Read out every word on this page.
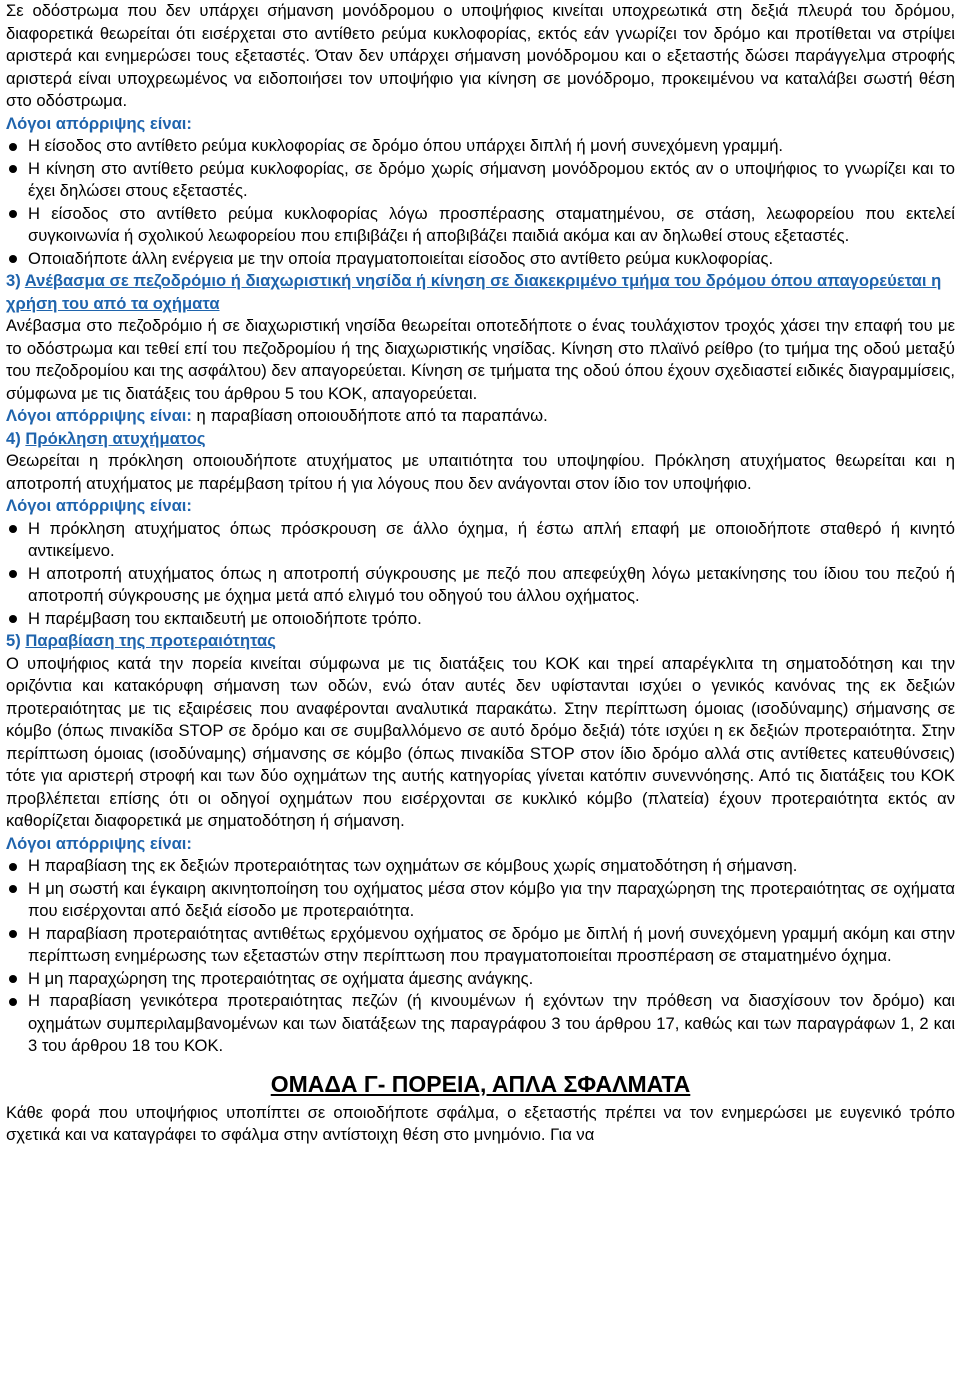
Σε οδόστρωμα που δεν υπάρχει σήμανση μονόδρομου ο υποψήφιος κινείται υποχρεωτικά στη δεξιά πλευρά του δρόμου, διαφορετικά θεωρείται ότι εισέρχεται στο αντίθετο ρεύμα κυκλοφορίας, εκτός εάν γνωρίζει τον δρόμο και προτίθεται να στρίψει αριστερά και ενημερώσει τους εξεταστές. Όταν δεν υπάρχει σήμανση μονόδρομου και ο εξεταστής δώσει παράγγελμα στροφής αριστερά είναι υποχρεωμένος να ειδοποιήσει τον υποψήφιο για κίνηση σε μονόδρομο, προκειμένου να καταλάβει σωστή θέση στο οδόστρωμα.

Λόγοι απόρριψης είναι:

Η είσοδος στο αντίθετο ρεύμα κυκλοφορίας σε δρόμο όπου υπάρχει διπλή ή μονή συνεχόμενη γραμμή.
Η κίνηση στο αντίθετο ρεύμα κυκλοφορίας, σε δρόμο χωρίς σήμανση μονόδρομου εκτός αν ο υποψήφιος το γνωρίζει και το έχει δηλώσει στους εξεταστές.
Η είσοδος στο αντίθετο ρεύμα κυκλοφορίας λόγω προσπέρασης σταματημένου, σε στάση, λεωφορείου που εκτελεί συγκοινωνία ή σχολικού λεωφορείου που επιβιβάζει ή αποβιβάζει παιδιά ακόμα και αν δηλωθεί στους εξεταστές.
Οποιαδήποτε άλλη ενέργεια με την οποία πραγματοποιείται είσοδος στο αντίθετο ρεύμα κυκλοφορίας.

3) Ανέβασμα σε πεζοδρόμιο ή διαχωριστική νησίδα ή κίνηση σε διακεκριμένο τμήμα του δρόμου όπου απαγορεύεται η χρήση του από τα οχήματα

Ανέβασμα στο πεζοδρόμιο ή σε διαχωριστική νησίδα θεωρείται οποτεδήποτε ο ένας τουλάχιστον τροχός χάσει την επαφή του με το οδόστρωμα και τεθεί επί του πεζοδρομίου ή της διαχωριστικής νησίδας. Κίνηση στο πλαϊνό ρείθρο (το τμήμα της οδού μεταξύ του πεζοδρομίου και της ασφάλτου) δεν απαγορεύεται. Κίνηση σε τμήματα της οδού όπου έχουν σχεδιαστεί ειδικές διαγραμμίσεις, σύμφωνα με τις διατάξεις του άρθρου 5 του ΚΟΚ, απαγορεύεται.

Λόγοι απόρριψης είναι: η παραβίαση οποιουδήποτε από τα παραπάνω.

4) Πρόκληση ατυχήματος

Θεωρείται η πρόκληση οποιουδήποτε ατυχήματος με υπαιτιότητα του υποψηφίου. Πρόκληση ατυχήματος θεωρείται και η αποτροπή ατυχήματος με παρέμβαση τρίτου ή για λόγους που δεν ανάγονται στον ίδιο τον υποψήφιο.

Λόγοι απόρριψης είναι:

Η πρόκληση ατυχήματος όπως πρόσκρουση σε άλλο όχημα, ή έστω απλή επαφή με οποιοδήποτε σταθερό ή κινητό αντικείμενο.
Η αποτροπή ατυχήματος όπως η αποτροπή σύγκρουσης με πεζό που απεφεύχθη λόγω μετακίνησης του ίδιου του πεζού ή αποτροπή σύγκρουσης με όχημα μετά από ελιγμό του οδηγού του άλλου οχήματος.
Η παρέμβαση του εκπαιδευτή με οποιοδήποτε τρόπο.

5) Παραβίαση της προτεραιότητας

Ο υποψήφιος κατά την πορεία κινείται σύμφωνα με τις διατάξεις του ΚΟΚ και τηρεί απαρέγκλιτα τη σηματοδότηση και την οριζόντια και κατακόρυφη σήμανση των οδών, ενώ όταν αυτές δεν υφίστανται ισχύει ο γενικός κανόνας της εκ δεξιών προτεραιότητας με τις εξαιρέσεις που αναφέρονται αναλυτικά παρακάτω. Στην περίπτωση όμοιας (ισοδύναμης) σήμανσης σε κόμβο (όπως πινακίδα STOP σε δρόμο και σε συμβαλλόμενο σε αυτό δρόμο δεξιά) τότε ισχύει η εκ δεξιών προτεραιότητα. Στην περίπτωση όμοιας (ισοδύναμης) σήμανσης σε κόμβο (όπως πινακίδα STOP στον ίδιο δρόμο αλλά στις αντίθετες κατευθύνσεις) τότε για αριστερή στροφή και των δύο οχημάτων της αυτής κατηγορίας γίνεται κατόπιν συνεννόησης. Από τις διατάξεις του ΚΟΚ προβλέπεται επίσης ότι οι οδηγοί οχημάτων που εισέρχονται σε κυκλικό κόμβο (πλατεία) έχουν προτεραιότητα εκτός αν καθορίζεται διαφορετικά με σηματοδότηση ή σήμανση.

Λόγοι απόρριψης είναι:

Η παραβίαση της εκ δεξιών προτεραιότητας των οχημάτων σε κόμβους χωρίς σηματοδότηση ή σήμανση.
Η μη σωστή και έγκαιρη ακινητοποίηση του οχήματος μέσα στον κόμβο για την παραχώρηση της προτεραιότητας σε οχήματα που εισέρχονται από δεξιά είσοδο με προτεραιότητα.
Η παραβίαση προτεραιότητας αντιθέτως ερχόμενου οχήματος σε δρόμο με διπλή ή μονή συνεχόμενη γραμμή ακόμη και στην περίπτωση ενημέρωσης των εξεταστών στην περίπτωση που πραγματοποιείται προσπέραση σε σταματημένο όχημα.
Η μη παραχώρηση της προτεραιότητας σε οχήματα άμεσης ανάγκης.
Η παραβίαση γενικότερα προτεραιότητας πεζών (ή κινουμένων ή εχόντων την πρόθεση να διασχίσουν τον δρόμο) και οχημάτων συμπεριλαμβανομένων και των διατάξεων της παραγράφου 3 του άρθρου 17, καθώς και των παραγράφων 1, 2 και 3 του άρθρου 18 του ΚΟΚ.
ΟΜΑΔΑ Γ- ΠΟΡΕΙΑ, ΑΠΛΑ ΣΦΑΛΜΑΤΑ

Κάθε φορά που υποψήφιος υποπίπτει σε οποιοδήποτε σφάλμα, ο εξεταστής πρέπει να τον ενημερώσει με ευγενικό τρόπο σχετικά και να καταγράφει το σφάλμα στην αντίστοιχη θέση στο μνημόνιο. Για να
